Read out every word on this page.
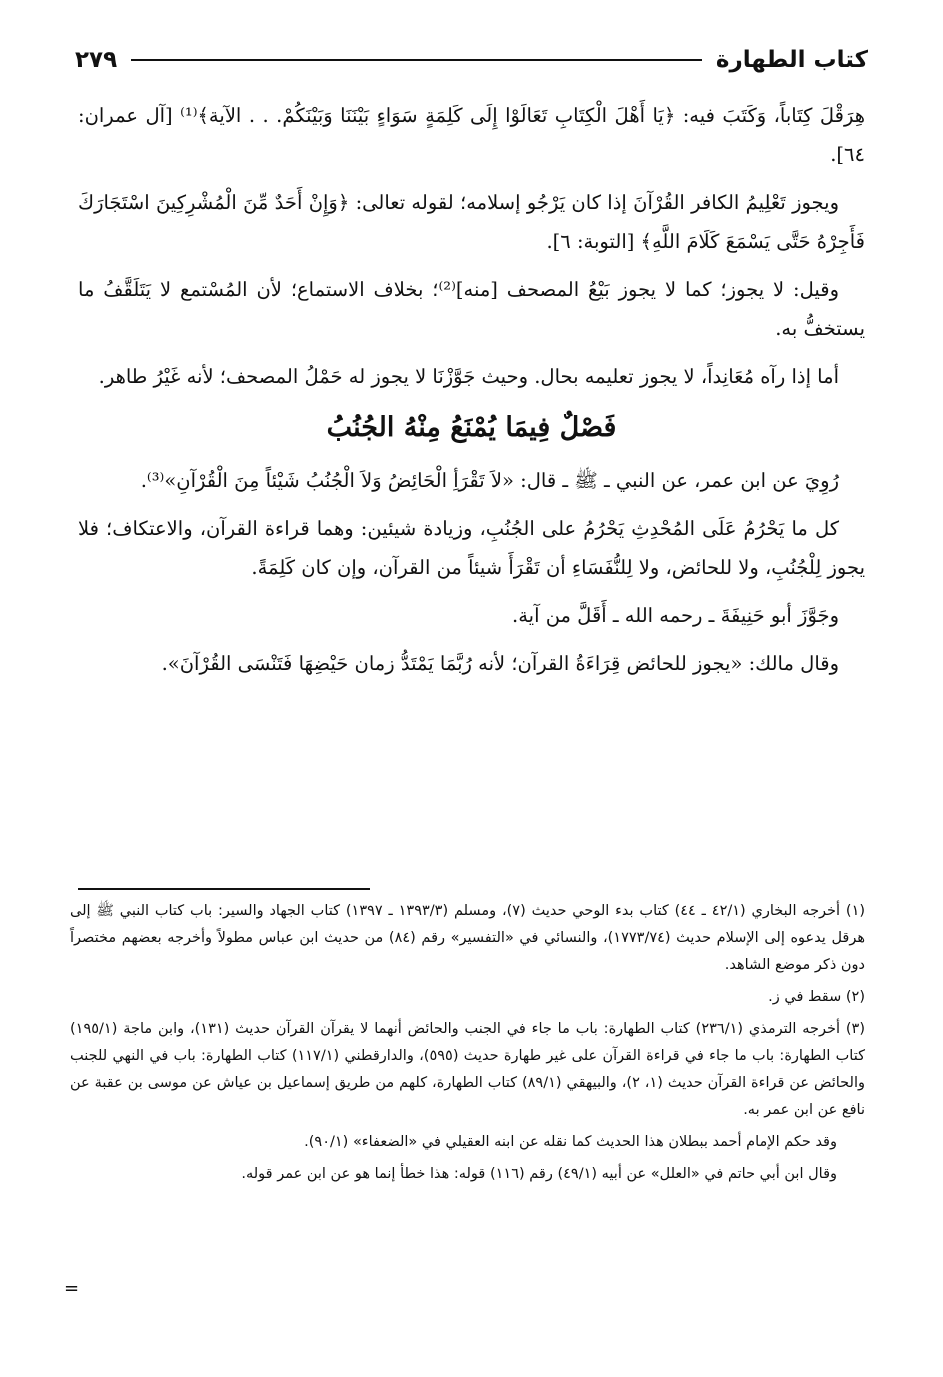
كتاب الطهارة
٢٧٩

هِرَقْلَ كِتَاباً، وَكَتَبَ فيه: ﴿يَا أَهْلَ الْكِتَابِ تَعَالَوْا إِلَى كَلِمَةٍ سَوَاءٍ بَيْنَنَا وَبَيْنَكُمْ. . . الآية﴾⁽¹⁾ [آل عمران: ٦٤].

ويجوز تَعْلِيمُ الكافر القُرْآنَ إذا كان يَرْجُو إسلامه؛ لقوله تعالى: ﴿وَإِنْ أَحَدٌ مِّنَ الْمُشْرِكِينَ اسْتَجَارَكَ فَأَجِرْهُ حَتَّى يَسْمَعَ كَلَامَ اللَّهِ﴾ [التوبة: ٦].

وقيل: لا يجوز؛ كما لا يجوز بَيْعُ المصحف [منه]⁽²⁾؛ بخلاف الاستماع؛ لأن المُسْتمع لا يَتَلَقَّفُ ما يستخفُّ به.

أما إذا رآه مُعَانِداً، لا يجوز تعليمه بحال. وحيث جَوَّزْنَا لا يجوز له حَمْلُ المصحف؛ لأنه غَيْرُ طاهر.

فَصْلٌ فِيمَا يُمْنَعُ مِنْهُ الجُنُبُ

رُوِيَ عن ابن عمر، عن النبي ـ ﷺ ـ قال: «لاَ تَقْرَأِ الْحَائِضُ وَلاَ الْجُنُبُ شَيْئاً مِنَ الْقُرْآنِ»⁽³⁾.

كل ما يَحْرُمُ عَلَى المُحْدِثِ يَحْرُمُ على الجُنُبِ، وزيادة شيئين: وهما قراءة القرآن، والاعتكاف؛ فلا يجوز لِلْجُنُبِ، ولا للحائض، ولا لِلنُّفَسَاءِ أن تَقْرَأَ شيئاً من القرآن، وإن كان كَلِمَةً.

وجَوَّزَ أبو حَنِيفَةَ ـ رحمه الله ـ أَقَلَّ من آية.

وقال مالك: «يجوز للحائض قِرَاءَةُ القرآن؛ لأنه رُبَّمَا يَمْتَدُّ زمان حَيْضِهَا فَتَنْسَى القُرْآنَ».

(١) أخرجه البخاري (٤٢/١ ـ ٤٤) كتاب بدء الوحي حديث (٧)، ومسلم (١٣٩٣/٣ ـ ١٣٩٧) كتاب الجهاد والسير: باب كتاب النبي ﷺ إلى هرقل يدعوه إلى الإسلام حديث (١٧٧٣/٧٤)، والنسائي في «التفسير» رقم (٨٤) من حديث ابن عباس مطولاً وأخرجه بعضهم مختصراً دون ذكر موضع الشاهد.

(٢) سقط في ز.

(٣) أخرجه الترمذي (٢٣٦/١) كتاب الطهارة: باب ما جاء في الجنب والحائض أنهما لا يقرآن القرآن حديث (١٣١)، وابن ماجة (١٩٥/١) كتاب الطهارة: باب ما جاء في قراءة القرآن على غير طهارة حديث (٥٩٥)، والدارقطني (١١٧/١) كتاب الطهارة: باب في النهي للجنب والحائض عن قراءة القرآن حديث (١، ٢)، والبيهقي (٨٩/١) كتاب الطهارة، كلهم من طريق إسماعيل بن عياش عن موسى بن عقبة عن نافع عن ابن عمر به.

وقد حكم الإمام أحمد ببطلان هذا الحديث كما نقله عن ابنه العقيلي في «الضعفاء» (٩٠/١).

وقال ابن أبي حاتم في «العلل» عن أبيه (٤٩/١) رقم (١١٦) قوله: هذا خطأ إنما هو عن ابن عمر قوله.

=
